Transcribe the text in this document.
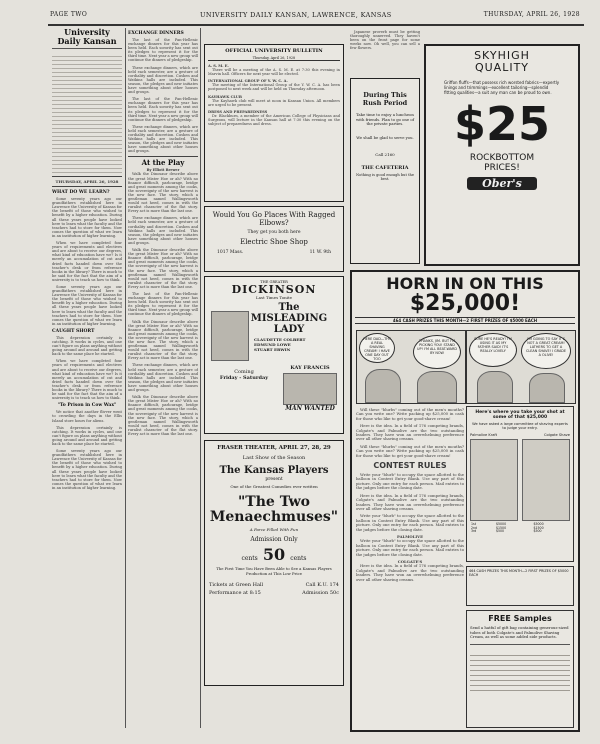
PAGE TWO	UNIVERSITY DAILY KANSAN, LAWRENCE, KANSAS	THURSDAY, APRIL 26, 1928
University Daily Kansan
THURSDAY, APRIL 26, 1928
WHAT DO WE LEARN?

Some seventy years ago our grandfathers established here in Lawrence the University of Kansas for the benefit of those who wished to benefit by a higher education. During all these years people have looked here to learn what the faculty and the teachers had to store for them. Now comes the question of what we learn in an institution of higher learning.

When we have completed four years of requirements and electives and are about to receive our degrees, what kind of education have we? Is it merely an accumulation of cut and dried facts handed down over the teacher's desk or from reference books in the library? There is much to be said for the fact that the aim of a university is to teach us how to think.

Some seventy years ago our grandfathers established here in Lawrence the University of Kansas for the benefit of those who wished to benefit by a higher education. During all these years people have looked here to learn what the faculty and the teachers had to store for them. Now comes the question of what we learn in an institution of higher learning.

CAUGHT SHORT

This depression certainly is catching. It works in cycles, and one can't figure on plans anything without going around and around and getting back to the same place he started.

When we have completed four years of requirements and electives and are about to receive our degrees, what kind of education have we? Is it merely an accumulation of cut and dried facts handed down over the teacher's desk or from reference books in the library? There is much to be said for the fact that the aim of a university is to teach us how to think.

"To Prison in Cow Wax"

We notice that another flivver went to crowding the days in the Ellis Island store hours for aliens.

This depression certainly is catching. It works in cycles, and one can't figure on plans anything without going around and around and getting back to the same place he started.

Some seventy years ago our grandfathers established here in Lawrence the University of Kansas for the benefit of those who wished to benefit by a higher education. During all these years people have looked here to learn what the faculty and the teachers had to store for them. Now comes the question of what we learn in an institution of higher learning.

EXCHANGE DINNERS

The last of the Pan-Hellenic exchange dinners for this year has been held. Each sorority has sent out its pledges to represent it for the third time. Next year a new group will continue the dinners of pledgeship.

These exchange dinners, which are held each semester, are a gesture of cordiality and discretion. Cushen and Watkins halls are included. This season, the pledges and new initiates have something about other houses and groups.

The last of the Pan-Hellenic exchange dinners for this year has been held. Each sorority has sent out its pledges to represent it for the third time. Next year a new group will continue the dinners of pledgeship.

These exchange dinners, which are held each semester, are a gesture of cordiality and discretion. Cushen and Watkins halls are included. This season, the pledges and new initiates have something about other houses and groups.

At the Play
By Elliott Brewer

Walk the Dinosaur describe above the great Mister Hoe or ah? With no finance difficult, parlourage, bridge and great moments among the cooks, the sovereignty of the new harvest is the new face. The story, which a gentleman named Wallingsworth would not heed, comes in with the ruralist character of the flat story. Every act is more than the last one.

These exchange dinners, which are held each semester, are a gesture of cordiality and discretion. Cushen and Watkins halls are included. This season, the pledges and new initiates have something about other houses and groups.

Walk the Dinosaur describe above the great Mister Hoe or ah? With no finance difficult, parlourage, bridge and great moments among the cooks, the sovereignty of the new harvest is the new face. The story, which a gentleman named Wallingsworth would not heed, comes in with the ruralist character of the flat story. Every act is more than the last one.

The last of the Pan-Hellenic exchange dinners for this year has been held. Each sorority has sent out its pledges to represent it for the third time. Next year a new group will continue the dinners of pledgeship.

Walk the Dinosaur describe above the great Mister Hoe or ah? With no finance difficult, parlourage, bridge and great moments among the cooks, the sovereignty of the new harvest is the new face. The story, which a gentleman named Wallingsworth would not heed, comes in with the ruralist character of the flat story. Every act is more than the last one.

These exchange dinners, which are held each semester, are a gesture of cordiality and discretion. Cushen and Watkins halls are included. This season, the pledges and new initiates have something about other houses and groups.

Walk the Dinosaur describe above the great Mister Hoe or ah? With no finance difficult, parlourage, bridge and great moments among the cooks, the sovereignty of the new harvest is the new face. The story, which a gentleman named Wallingsworth would not heed, comes in with the ruralist character of the flat story. Every act is more than the last one.

OFFICIAL UNIVERSITY BULLETIN
Thursday, April 26, 1928
A. S. M. E.

There will be a meeting of the A. S. M. E. at 7:30 this evening in Marvin hall. Officers for next year will be elected.

INTERNATIONAL GROUP OF Y. W. C. A.

The meeting of the International Group of the Y. W. C. A. has been postponed to next week and will be held on Thursday afternoon.

KAYHAWK CLUB

The Kayhawk club will meet at noon in Kansan Union. All members are urged to be present.

DRESS AND PREPAREDNESS

Dr. Blackburn, a member of the American College of Physicians and Surgeons, will lecture in the Kansan hall at 7:30 this evening on the subject of preparedness and dress.

Would You Go Places With Ragged
Elbows?
They get you both here
Electric Shoe Shop
1017 Mass.	11 W. 9th
THE GREATER
DICKINSON
Last Times Tonite
The MISLEADING LADY
CLAUDETTE COLBERT
EDMUND LOWE
STUART ERWIN
Coming
Friday - Saturday
KAY FRANCIS
MAN WANTED
FRASER THEATER, APRIL 27, 28, 29
Last Show of the Season
The Kansas Players
present
One of the Greatest Comedies ever written
"The Two
Menaechmuses"
A Farce Filled With Fun
Admission Only
cents 50 cents
The First Time You Have Been Able to See a Kansas Players Production at This Low Price
Tickets at Green Hall	Call K.U. 174
Performance at 8:15	Admission 50c

Japanese proverb must be getting thoroughly unnerved. They haven't been on the front page for some weeks now. Oh well, you can sell a few flowers.

During This Rush Period
Take time to enjoy a luncheon with friends. Plan to go one of the private parties.
We shall be glad to serve you.
Call 2160
THE CAFETERIA
Nothing is good enough but the best.
SKYHIGH
QUALITY
Griffon fluffs—that possess rich worsted fabrics—expertly linings and trimmings—excellent tailoring—splendid fitting qualities—a suit any man can be proud to own.
$25
ROCKBOTTOM
PRICES!
Ober's
HORN IN ON THIS
$25,000!
464 CASH PRIZES THIS MONTH—2 FIRST PRIZES OF $5000 EACH
HERE DAD—THY A REAL SHAVING CREAM! I HAVE ONE DAY OUT TOO
THANKS, JIM. BUT I'M PICKING YOU! STAND UP! I'M ALL BEAT-WARD BY NOW
SURE HE'S READY! I'M USING IT AS MY FATHER SAID! IT'S REALLY LOVELY
I'M GOING TO SAY IT'S NOT A GREAT CREAM! LATHERS TO GET A CLEAN SHAVE! I GRADE A OLIVE!

Will these "blurbs" coming out of the men's mouths? Can you write one? Write packing up $25,000 in cash for those who like to get your good-shave cream!

Here is the idea. In a field of 176 competing brands, Colgate's and Palmolive are the two outstanding leaders. They have won an overwhelming preference over all other shaving creams.

Will these "blurbs" coming out of the men's mouths? Can you write one? Write packing up $25,000 in cash for those who like to get your good-shave cream!

CONTEST RULES

Write your "blurb" to occupy the space allotted to the balloon in Contest Entry Blank. Use any part of this picture. Only one entry for each person. Mail entries to the judges before the closing date.

Here is the idea. In a field of 176 competing brands, Colgate's and Palmolive are the two outstanding leaders. They have won an overwhelming preference over all other shaving creams.

Write your "blurb" to occupy the space allotted to the balloon in Contest Entry Blank. Use any part of this picture. Only one entry for each person. Mail entries to the judges before the closing date.

PALMOLIVE

Write your "blurb" to occupy the space allotted to the balloon in Contest Entry Blank. Use any part of this picture. Only one entry for each person. Mail entries to the judges before the closing date.

COLGATE'S

Here is the idea. In a field of 176 competing brands, Colgate's and Palmolive are the two outstanding leaders. They have won an overwhelming preference over all other shaving creams.

Here's where you take your shot at some of that $25,000
We have asked a large committee of shaving experts to judge your entry.
Palmolive Kraft	Colgate Shave
1st	$5000	$5000
2nd	$1500	$1500
3rd	$500	$500
464 CASH PRIZES THIS MONTH—2 FIRST PRIZES OF $5000 EACH
FREE Samples
Send a hatful of gift bag containing generous-sized tubes of both Colgate's and Palmolive Shaving Cream, as well as some added side products.
